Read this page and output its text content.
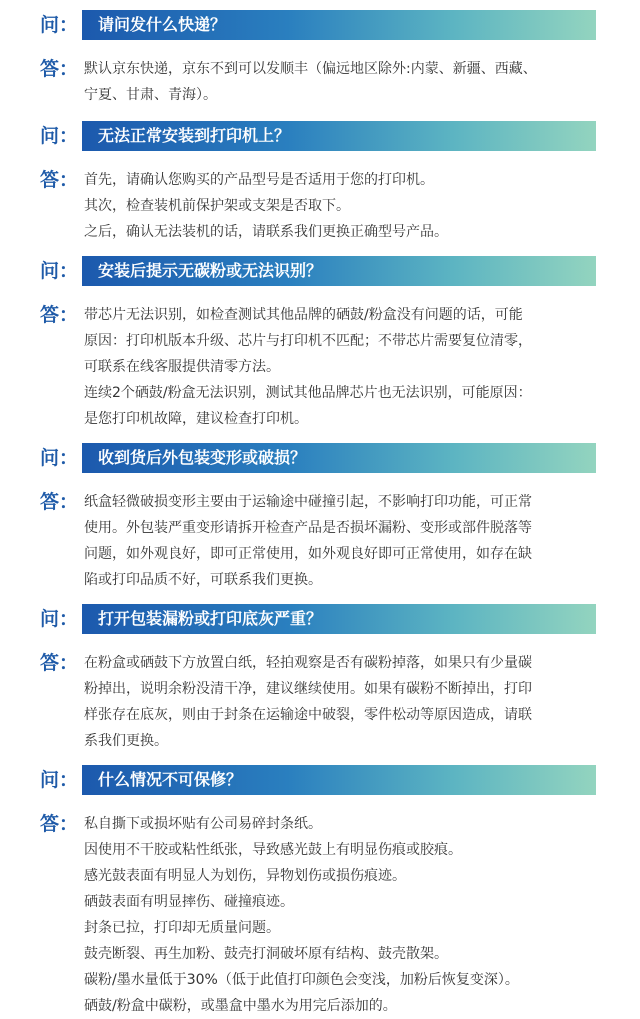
问：	请问发什么快递？
答： 默认京东快递，京东不到可以发顺丰（偏远地区除外:内蒙、新疆、西藏、
宁夏、甘肃、青海）。
问：	无法正常安装到打印机上？
答： 首先，请确认您购买的产品型号是否适用于您的打印机。
其次，检查装机前保护架或支架是否取下。
之后，确认无法装机的话，请联系我们更换正确型号产品。
问：	安装后提示无碳粉或无法识别？
答： 带芯片无法识别，如检查测试其他品牌的硒鼓/粉盒没有问题的话，可能
原因：打印机版本升级、芯片与打印机不匹配；不带芯片需要复位清零，
可联系在线客服提供清零方法。
连续2个硒鼓/粉盒无法识别，测试其他品牌芯片也无法识别，可能原因：
是您打印机故障，建议检查打印机。
问：	收到货后外包装变形或破损？
答： 纸盒轻微破损变形主要由于运输途中碰撞引起，不影响打印功能，可正常
使用。外包装严重变形请拆开检查产品是否损坏漏粉、变形或部件脱落等
问题，如外观良好，即可正常使用，如外观良好即可正常使用，如存在缺
陷或打印品质不好，可联系我们更换。
问：	打开包装漏粉或打印底灰严重？
答： 在粉盒或硒鼓下方放置白纸，轻拍观察是否有碳粉掉落，如果只有少量碳
粉掉出，说明余粉没清干净，建议继续使用。如果有碳粉不断掉出，打印
样张存在底灰，则由于封条在运输途中破裂，零件松动等原因造成，请联
系我们更换。
问：	什么情况不可保修？
答： 私自撕下或损坏贴有公司易碎封条纸。
因使用不干胶或粘性纸张，导致感光鼓上有明显伤痕或胶痕。
感光鼓表面有明显人为划伤，异物划伤或损伤痕迹。
硒鼓表面有明显摔伤、碰撞痕迹。
封条已拉，打印却无质量问题。
鼓壳断裂、再生加粉、鼓壳打洞破坏原有结构、鼓壳散架。
碳粉/墨水量低于30%（低于此值打印颜色会变浅，加粉后恢复变深）。
硒鼓/粉盒中碳粉，或墨盒中墨水为用完后添加的。
